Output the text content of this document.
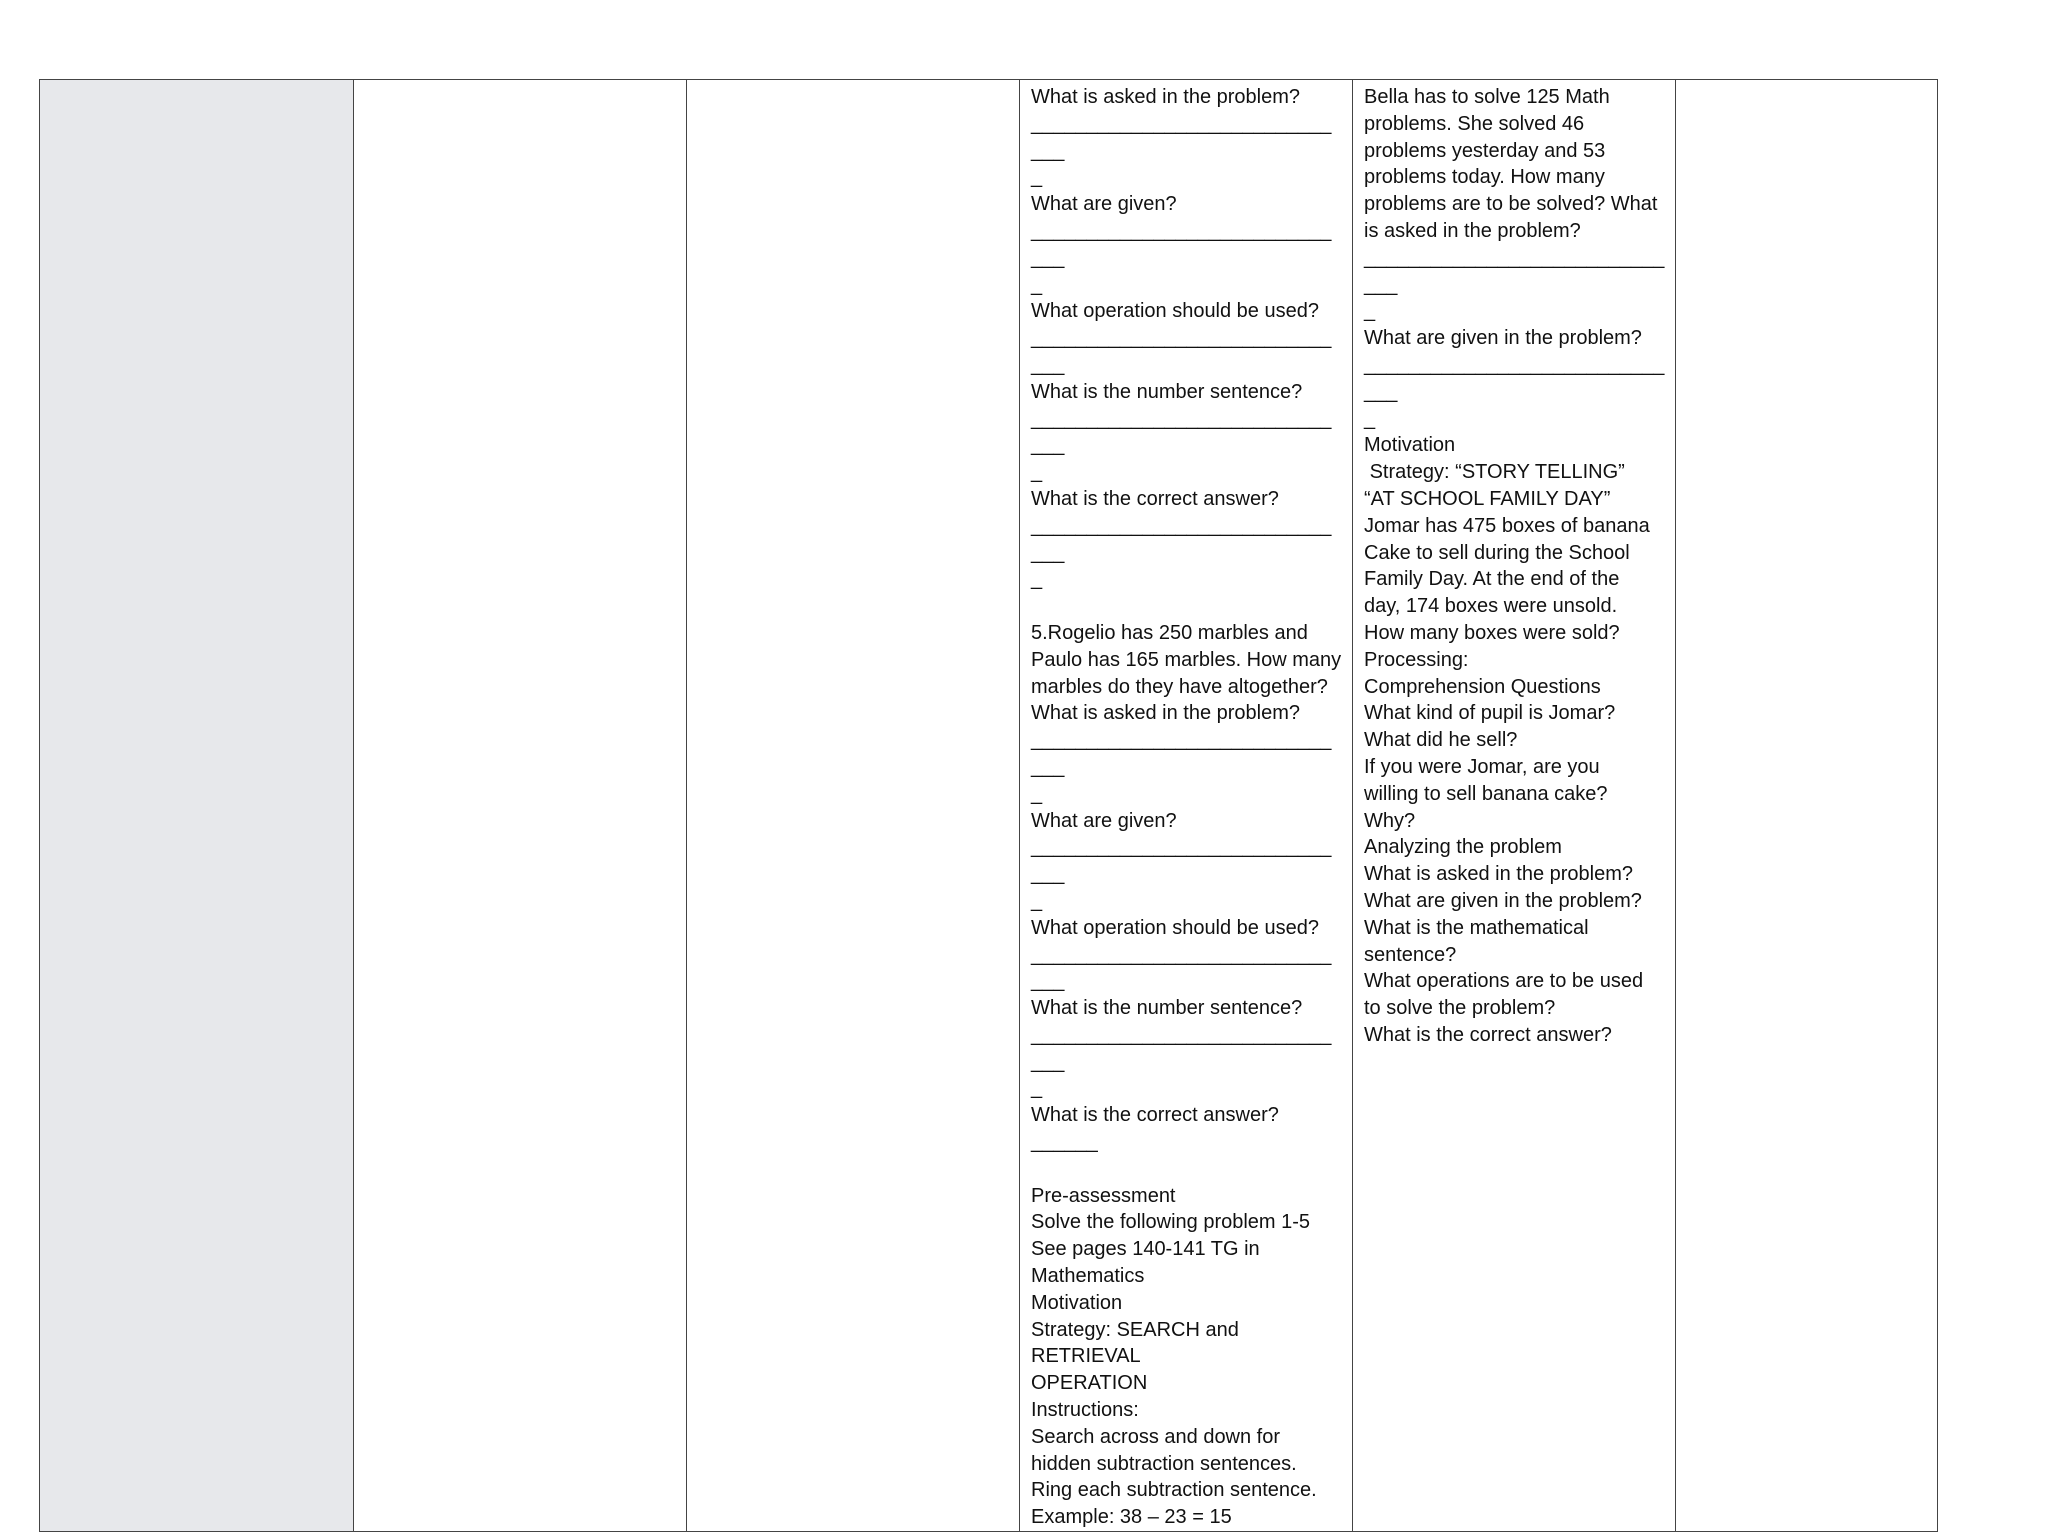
What is asked in the problem?
______________________________
_
What are given?
______________________________
_
What operation should be used?
______________________________
What is the number sentence?
______________________________
_
What is the correct answer?
______________________________
_

5.Rogelio has 250 marbles and
Paulo has 165 marbles. How many
marbles do they have altogether?
What is asked in the problem?
______________________________
_
What are given?
______________________________
_
What operation should be used?
______________________________
What is the number sentence?
______________________________
_
What is the correct answer?
______

Pre-assessment
Solve the following problem 1-5
See pages 140-141 TG in
Mathematics
Motivation
Strategy: SEARCH and RETRIEVAL
OPERATION
Instructions:
Search across and down for
hidden subtraction sentences.
Ring each subtraction sentence.
Example: 38 – 23 = 15

Bella has to solve 125 Math
problems. She solved 46
problems yesterday and 53
problems today. How many
problems are to be solved? What
is asked in the problem?
______________________________
_
What are given in the problem?
______________________________
_
Motivation
Strategy: “STORY TELLING”
“AT SCHOOL FAMILY DAY”
Jomar has 475 boxes of banana
Cake to sell during the School
Family Day. At the end of the
day, 174 boxes were unsold.
How many boxes were sold?
Processing:
Comprehension Questions
What kind of pupil is Jomar?
What did he sell?
If you were Jomar, are you
willing to sell banana cake?
Why?
Analyzing the problem
What is asked in the problem?
What are given in the problem?
What is the mathematical
sentence?
What operations are to be used
to solve the problem?
What is the correct answer?
